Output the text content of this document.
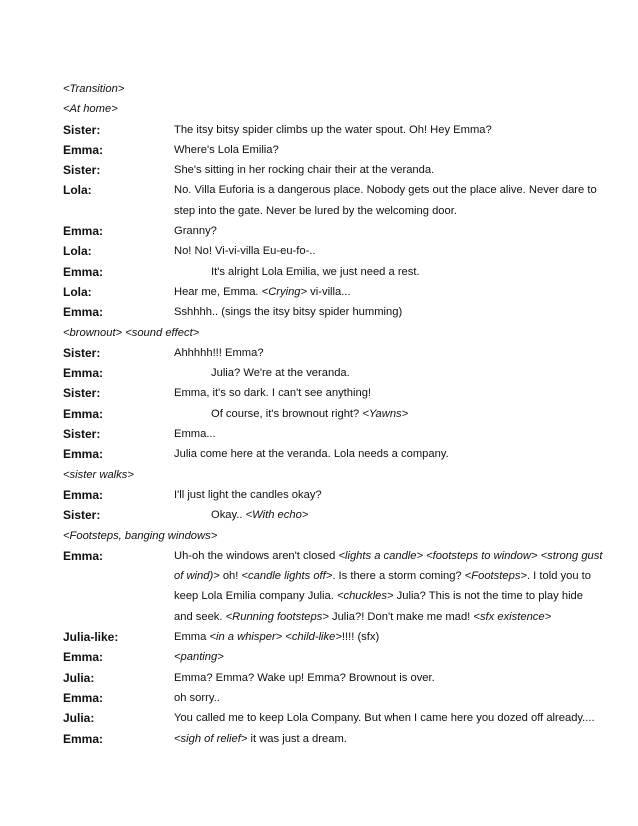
<Transition>
<At home>
Sister:	The itsy bitsy spider climbs up the water spout. Oh! Hey Emma?
Emma:	Where's Lola Emilia?
Sister:	She's sitting in her rocking chair their at the veranda.
Lola:	No. Villa Euforia is a dangerous place. Nobody gets out the place alive. Never dare to step into the gate. Never be lured by the welcoming door.
Emma:	Granny?
Lola:	No! No! Vi-vi-villa Eu-eu-fo-..
Emma:	It's alright Lola Emilia, we just need a rest.
Lola:	Hear me, Emma. <Crying> vi-villa...
Emma:	Sshhhh.. (sings the itsy bitsy spider humming)
<brownout> <sound effect>
Sister:	Ahhhhh!!! Emma?
Emma:	Julia? We're at the veranda.
Sister:	Emma, it's so dark. I can't see anything!
Emma:	Of course, it's brownout right? <Yawns>
Sister:	Emma...
Emma:	Julia come here at the veranda. Lola needs a company.
<sister walks>
Emma:	I'll just light the candles okay?
Sister:	Okay.. <With echo>
<Footsteps, banging windows>
Emma:	Uh-oh the windows aren't closed <lights a candle> <footsteps to window> <strong gust of wind)> oh! <candle lights off>. Is there a storm coming? <Footsteps>. I told you to keep Lola Emilia company Julia. <chuckles> Julia? This is not the time to play hide and seek. <Running footsteps> Julia?! Don't make me mad! <sfx existence>
Julia-like:	Emma <in a whisper> <child-like>!!!! (sfx)
Emma:	<panting>
Julia:	Emma? Emma? Wake up! Emma? Brownout is over.
Emma:	oh sorry..
Julia:	You called me to keep Lola Company. But when I came here you dozed off already....
Emma:	<sigh of relief> it was just a dream.
